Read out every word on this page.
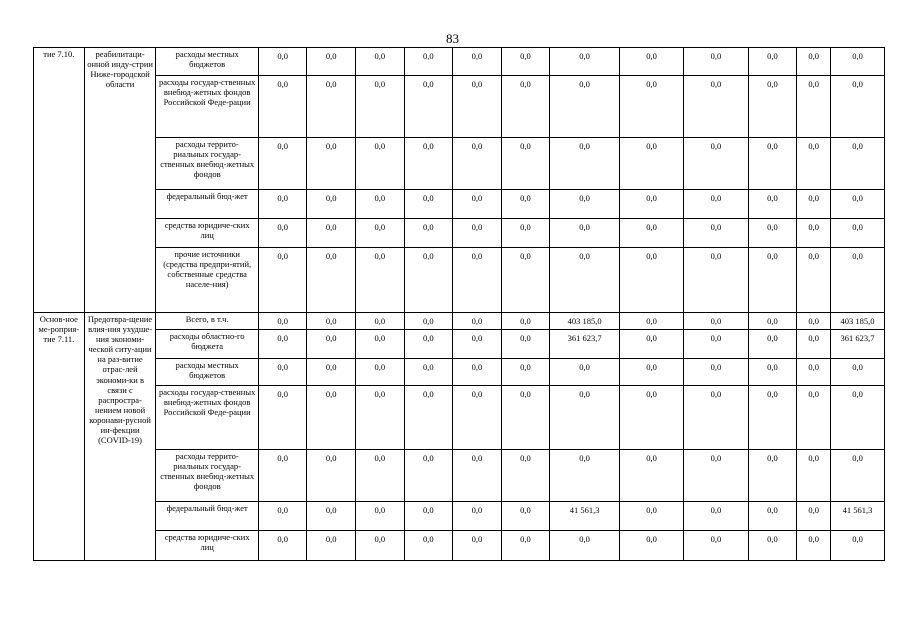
83
тие 7.10.	реабилитаци-онной инду-стрии Ниже-городской области	расходы местных бюджетов	0,0	0,0	0,0	0,0	0,0	0,0	0,0	0,0	0,0	0,0	0,0	0,0
		расходы государ-ственных внебюд-жетных фондов Российской Феде-рации	0,0	0,0	0,0	0,0	0,0	0,0	0,0	0,0	0,0	0,0	0,0	0,0
		расходы террито-риальных государ-ственных внебюд-жетных фондов	0,0	0,0	0,0	0,0	0,0	0,0	0,0	0,0	0,0	0,0	0,0	0,0
		федеральный бюд-жет	0,0	0,0	0,0	0,0	0,0	0,0	0,0	0,0	0,0	0,0	0,0	0,0
		средства юридиче-ских лиц	0,0	0,0	0,0	0,0	0,0	0,0	0,0	0,0	0,0	0,0	0,0	0,0
		прочие источники (средства предпри-ятий, собственные средства населе-ния)	0,0	0,0	0,0	0,0	0,0	0,0	0,0	0,0	0,0	0,0	0,0	0,0
Основ-ное ме-роприя-тие 7.11.	Предотвра-щение влия-ния ухудше-ния экономи-ческой ситу-ации на раз-витие отрас-лей экономи-ки в связи с распростра-нением новой коронави-русной ин-фекции (COVID-19)	Всего, в т.ч.	0,0	0,0	0,0	0,0	0,0	0,0	403 185,0	0,0	0,0	0,0	0,0	403 185,0
		расходы областно-го бюджета	0,0	0,0	0,0	0,0	0,0	0,0	361 623,7	0,0	0,0	0,0	0,0	361 623,7
		расходы местных бюджетов	0,0	0,0	0,0	0,0	0,0	0,0	0,0	0,0	0,0	0,0	0,0	0,0
		расходы государ-ственных внебюд-жетных фондов Российской Феде-рации	0,0	0,0	0,0	0,0	0,0	0,0	0,0	0,0	0,0	0,0	0,0	0,0
		расходы террито-риальных государ-ственных внебюд-жетных фондов	0,0	0,0	0,0	0,0	0,0	0,0	0,0	0,0	0,0	0,0	0,0	0,0
		федеральный бюд-жет	0,0	0,0	0,0	0,0	0,0	0,0	41 561,3	0,0	0,0	0,0	0,0	41 561,3
		средства юридиче-ских лиц	0,0	0,0	0,0	0,0	0,0	0,0	0,0	0,0	0,0	0,0	0,0	0,0
